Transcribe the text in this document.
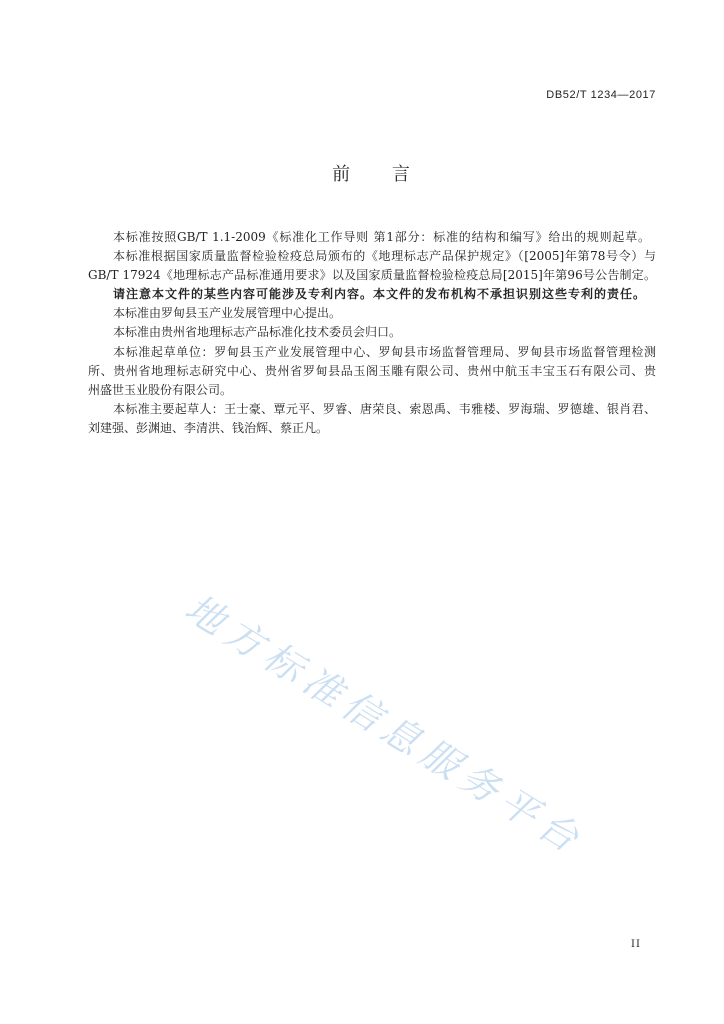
DB52/T 1234—2017
前 言
本标准按照GB/T 1.1-2009《标准化工作导则 第1部分：标准的结构和编写》给出的规则起草。
本标准根据国家质量监督检验检疫总局颁布的《地理标志产品保护规定》（[2005]年第78号令）与
GB/T 17924《地理标志产品标准通用要求》以及国家质量监督检验检疫总局[2015]年第96号公告制定。
请注意本文件的某些内容可能涉及专利内容。本文件的发布机构不承担识别这些专利的责任。
本标准由罗甸县玉产业发展管理中心提出。
本标准由贵州省地理标志产品标准化技术委员会归口。
本标准起草单位：罗甸县玉产业发展管理中心、罗甸县市场监督管理局、罗甸县市场监督管理检测
所、贵州省地理标志研究中心、贵州省罗甸县品玉阁玉雕有限公司、贵州中航玉丰宝玉石有限公司、贵
州盛世玉业股份有限公司。
本标准主要起草人：王士豪、覃元平、罗睿、唐荣良、索恩禹、韦雅楼、罗海瑞、罗德雄、银肖君、
刘建强、彭渊迪、李清洪、钱治辉、蔡正凡。
地方标准信息服务平台
II
